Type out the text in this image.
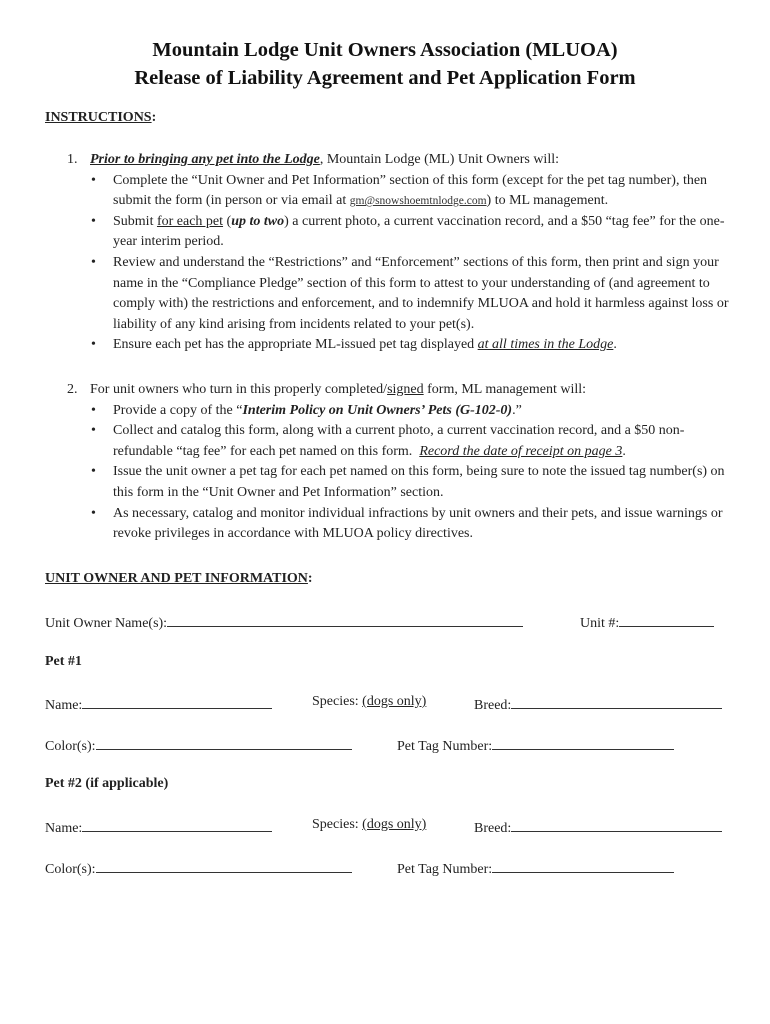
Mountain Lodge Unit Owners Association (MLUOA)
Release of Liability Agreement and Pet Application Form
INSTRUCTIONS:
1. Prior to bringing any pet into the Lodge, Mountain Lodge (ML) Unit Owners will:
• Complete the “Unit Owner and Pet Information” section of this form (except for the pet tag number), then submit the form (in person or via email at gm@snowshoemtnlodge.com) to ML management.
• Submit for each pet (up to two) a current photo, a current vaccination record, and a $50 “tag fee” for the one-year interim period.
• Review and understand the “Restrictions” and “Enforcement” sections of this form, then print and sign your name in the “Compliance Pledge” section of this form to attest to your understanding of (and agreement to comply with) the restrictions and enforcement, and to indemnify MLUOA and hold it harmless against loss or liability of any kind arising from incidents related to your pet(s).
• Ensure each pet has the appropriate ML-issued pet tag displayed at all times in the Lodge.
2. For unit owners who turn in this properly completed/signed form, ML management will:
• Provide a copy of the “Interim Policy on Unit Owners’ Pets (G-102-0).”
• Collect and catalog this form, along with a current photo, a current vaccination record, and a $50 non-refundable “tag fee” for each pet named on this form.  Record the date of receipt on page 3.
• Issue the unit owner a pet tag for each pet named on this form, being sure to note the issued tag number(s) on this form in the “Unit Owner and Pet Information” section.
• As necessary, catalog and monitor individual infractions by unit owners and their pets, and issue warnings or revoke privileges in accordance with MLUOA policy directives.
UNIT OWNER AND PET INFORMATION:
Unit Owner Name(s):	Unit #:
Pet #1
Name:	Species: (dogs only)	Breed:
Color(s):	Pet Tag Number:
Pet #2 (if applicable)
Name:	Species: (dogs only)	Breed:
Color(s):	Pet Tag Number:
